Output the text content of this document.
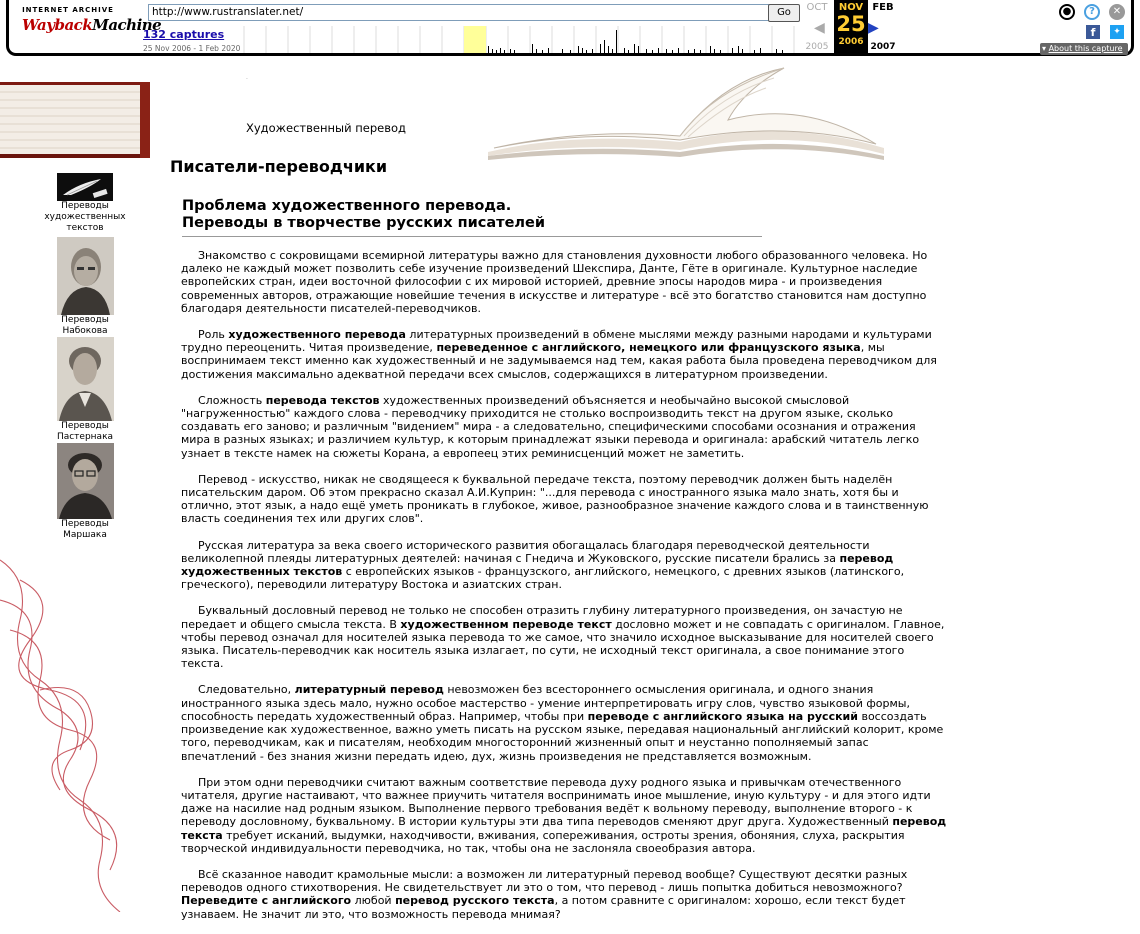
INTERNET ARCHIVE
WaybackMachine
http://www.rustranslater.net/	Go
132 captures
25 Nov 2006 - 1 Feb 2020
OCT
2005
NOV
25
2006
FEB
2007
◀	▶
●	?	✕
f	✦
▾ About this capture
.
Художественный перевод
Писатели-переводчики
Переводы
художественных
текстов
Переводы
Набокова
Переводы
Пастернака
Переводы
Маршака
Проблема художественного перевода.
Переводы в творчестве русских писателей

Знакомство с сокровищами всемирной литературы важно для становления духовности любого образованного человека. Но далеко не каждый может позволить себе изучение произведений Шекспира, Данте, Гёте в оригинале. Культурное наследие европейских стран, идеи восточной философии с их мировой историей, древние эпосы народов мира - и произведения современных авторов, отражающие новейшие течения в искусстве и литературе - всё это богатство становится нам доступно благодаря деятельности писателей-переводчиков.

Роль художественного перевода литературных произведений в обмене мыслями между разными народами и культурами трудно переоценить. Читая произведение, переведенное с английского, немецкого или французского языка, мы воспринимаем текст именно как художественный и не задумываемся над тем, какая работа была проведена переводчиком для достижения максимально адекватной передачи всех смыслов, содержащихся в литературном произведении.

Сложность перевода текстов художественных произведений объясняется и необычайно высокой смысловой "нагруженностью" каждого слова - переводчику приходится не столько воспроизводить текст на другом языке, сколько создавать его заново; и различным "видением" мира - а следовательно, специфическими способами осознания и отражения мира в разных языках; и различием культур, к которым принадлежат языки перевода и оригинала: арабский читатель легко узнает в тексте намек на сюжеты Корана, а европеец этих реминисценций может не заметить.

Перевод - искусство, никак не сводящееся к буквальной передаче текста, поэтому переводчик должен быть наделён писательским даром. Об этом прекрасно сказал А.И.Куприн: "...для перевода с иностранного языка мало знать, хотя бы и отлично, этот язык, а надо ещё уметь проникать в глубокое, живое, разнообразное значение каждого слова и в таинственную власть соединения тех или других слов".

Русская литература за века своего исторического развития обогащалась благодаря переводческой деятельности великолепной плеяды литературных деятелей: начиная с Гнедича и Жуковского, русские писатели брались за перевод художественных текстов с европейских языков - французского, английского, немецкого, с древних языков (латинского, греческого), переводили литературу Востока и азиатских стран.

Буквальный дословный перевод не только не способен отразить глубину литературного произведения, он зачастую не передает и общего смысла текста. В художественном переводе текст дословно может и не совпадать с оригиналом. Главное, чтобы перевод означал для носителей языка перевода то же самое, что значило исходное высказывание для носителей своего языка. Писатель-переводчик как носитель языка излагает, по сути, не исходный текст оригинала, а свое понимание этого текста.

Следовательно, литературный перевод невозможен без всестороннего осмысления оригинала, и одного знания иностранного языка здесь мало, нужно особое мастерство - умение интерпретировать игру слов, чувство языковой формы, способность передать художественный образ. Например, чтобы при переводе с английского языка на русский воссоздать произведение как художественное, важно уметь писать на русском языке, передавая национальный английский колорит, кроме того, переводчикам, как и писателям, необходим многосторонний жизненный опыт и неустанно пополняемый запас впечатлений - без знания жизни передать идею, дух, жизнь произведения не представляется возможным.

При этом одни переводчики считают важным соответствие перевода духу родного языка и привычкам отечественного читателя, другие настаивают, что важнее приучить читателя воспринимать иное мышление, иную культуру - и для этого идти даже на насилие над родным языком. Выполнение первого требования ведёт к вольному переводу, выполнение второго - к переводу дословному, буквальному. В истории культуры эти два типа переводов сменяют друг друга. Художественный перевод текста требует исканий, выдумки, находчивости, вживания, сопереживания, остроты зрения, обоняния, слуха, раскрытия творческой индивидуальности переводчика, но так, чтобы она не заслоняла своеобразия автора.

Всё сказанное наводит крамольные мысли: а возможен ли литературный перевод вообще? Существуют десятки разных переводов одного стихотворения. Не свидетельствует ли это о том, что перевод - лишь попытка добиться невозможного? Переведите с английского любой перевод русского текста, а потом сравните с оригиналом: хорошо, если текст будет узнаваем. Не значит ли это, что возможность перевода мнимая?
